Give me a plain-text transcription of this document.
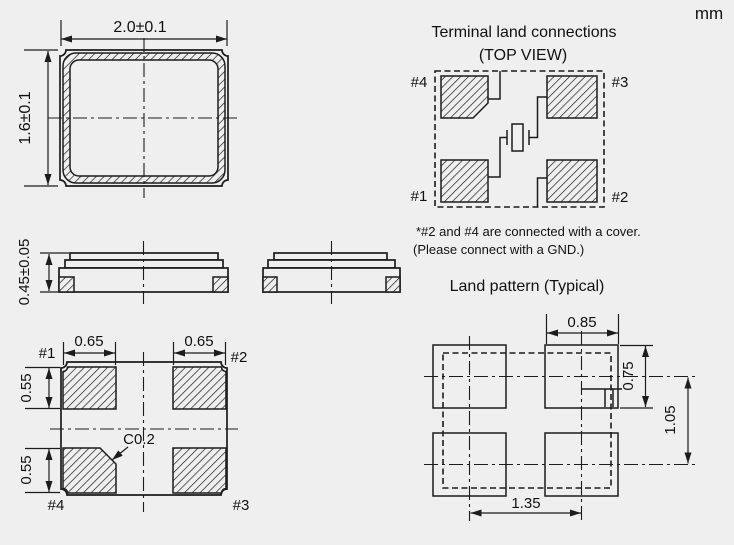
2.0±0.1
1.6±0.1
Terminal land connections
(TOP VIEW)
#4	#3
#1	#2
*#2 and #4 are connected with a cover.
(Please connect with a GND.)
mm
0.45±0.05
0.65	0.65
0.55
0.55
C0.2
#1	#2
#4	#3
Land pattern (Typical)
0.85
0.75
1.05
1.35
